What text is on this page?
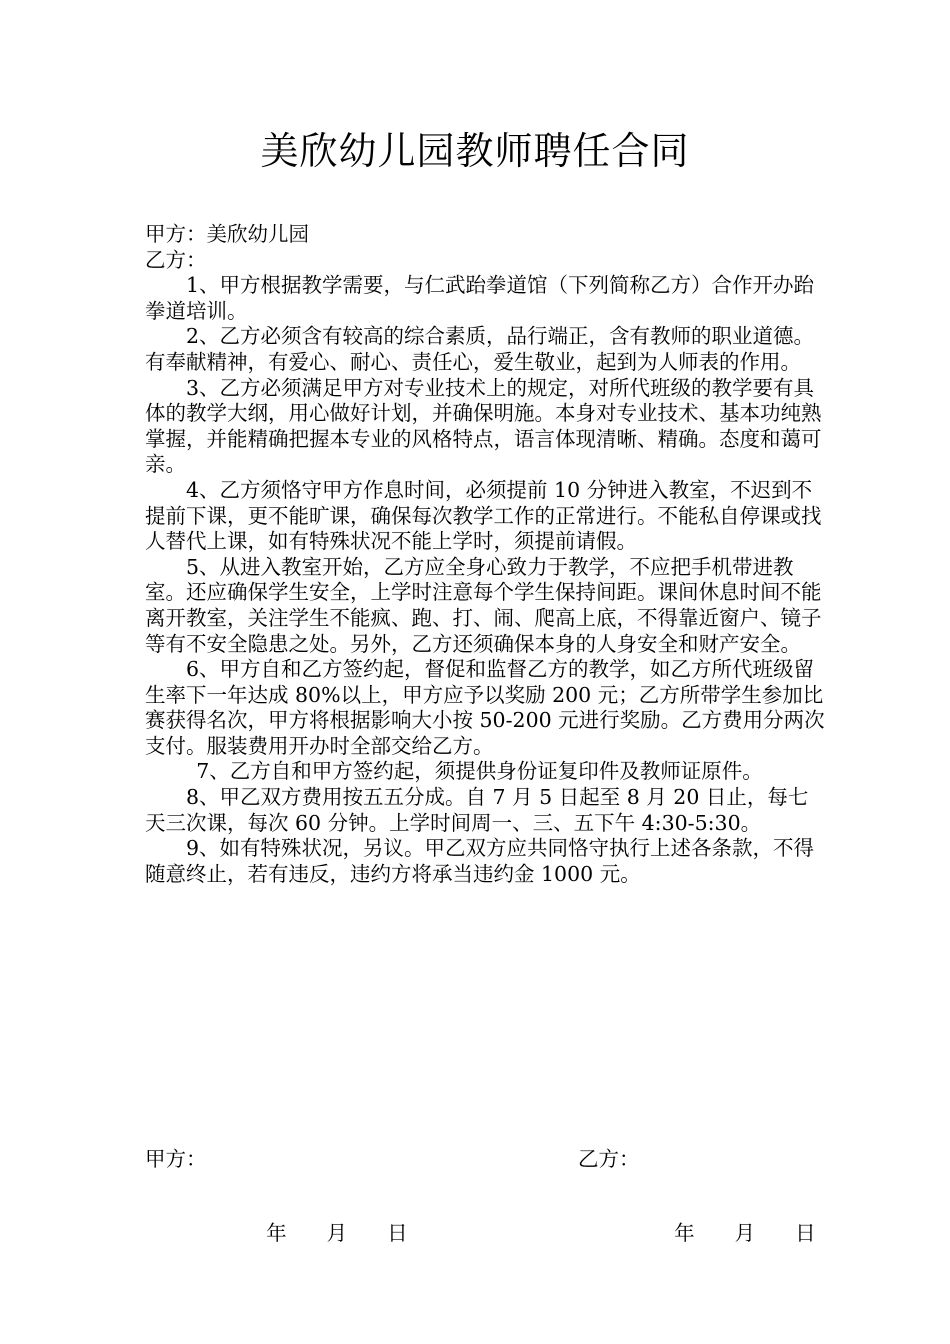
美欣幼儿园教师聘任合同

甲方：美欣幼儿园

乙方：

1、甲方根据教学需要，与仁武跆拳道馆（下列简称乙方）合作开办跆拳道培训。

2、乙方必须含有较高的综合素质，品行端正，含有教师的职业道德。有奉献精神，有爱心、耐心、责任心，爱生敬业，起到为人师表的作用。

3、乙方必须满足甲方对专业技术上的规定，对所代班级的教学要有具体的教学大纲，用心做好计划，并确保明施。本身对专业技术、基本功纯熟掌握，并能精确把握本专业的风格特点，语言体现清晰、精确。态度和蔼可亲。

4、乙方须恪守甲方作息时间，必须提前 10 分钟进入教室，不迟到不提前下课，更不能旷课，确保每次教学工作的正常进行。不能私自停课或找人替代上课，如有特殊状况不能上学时，须提前请假。

5、从进入教室开始，乙方应全身心致力于教学，不应把手机带进教室。还应确保学生安全，上学时注意每个学生保持间距。课间休息时间不能离开教室，关注学生不能疯、跑、打、闹、爬高上底，不得靠近窗户、镜子等有不安全隐患之处。另外，乙方还须确保本身的人身安全和财产安全。

6、甲方自和乙方签约起，督促和监督乙方的教学，如乙方所代班级留生率下一年达成 80%以上，甲方应予以奖励 200 元；乙方所带学生参加比赛获得名次，甲方将根据影响大小按 50-200 元进行奖励。乙方费用分两次支付。服装费用开办时全部交给乙方。

7、乙方自和甲方签约起，须提供身份证复印件及教师证原件。

8、甲乙双方费用按五五分成。自 7 月 5 日起至 8 月 20 日止，每七天三次课，每次 60 分钟。上学时间周一、三、五下午 4:30-5:30。

9、如有特殊状况，另议。甲乙双方应共同恪守执行上述各条款，不得随意终止，若有违反，违约方将承当违约金 1000 元。

甲方：	乙方：

年 月 日
	年 月 日
